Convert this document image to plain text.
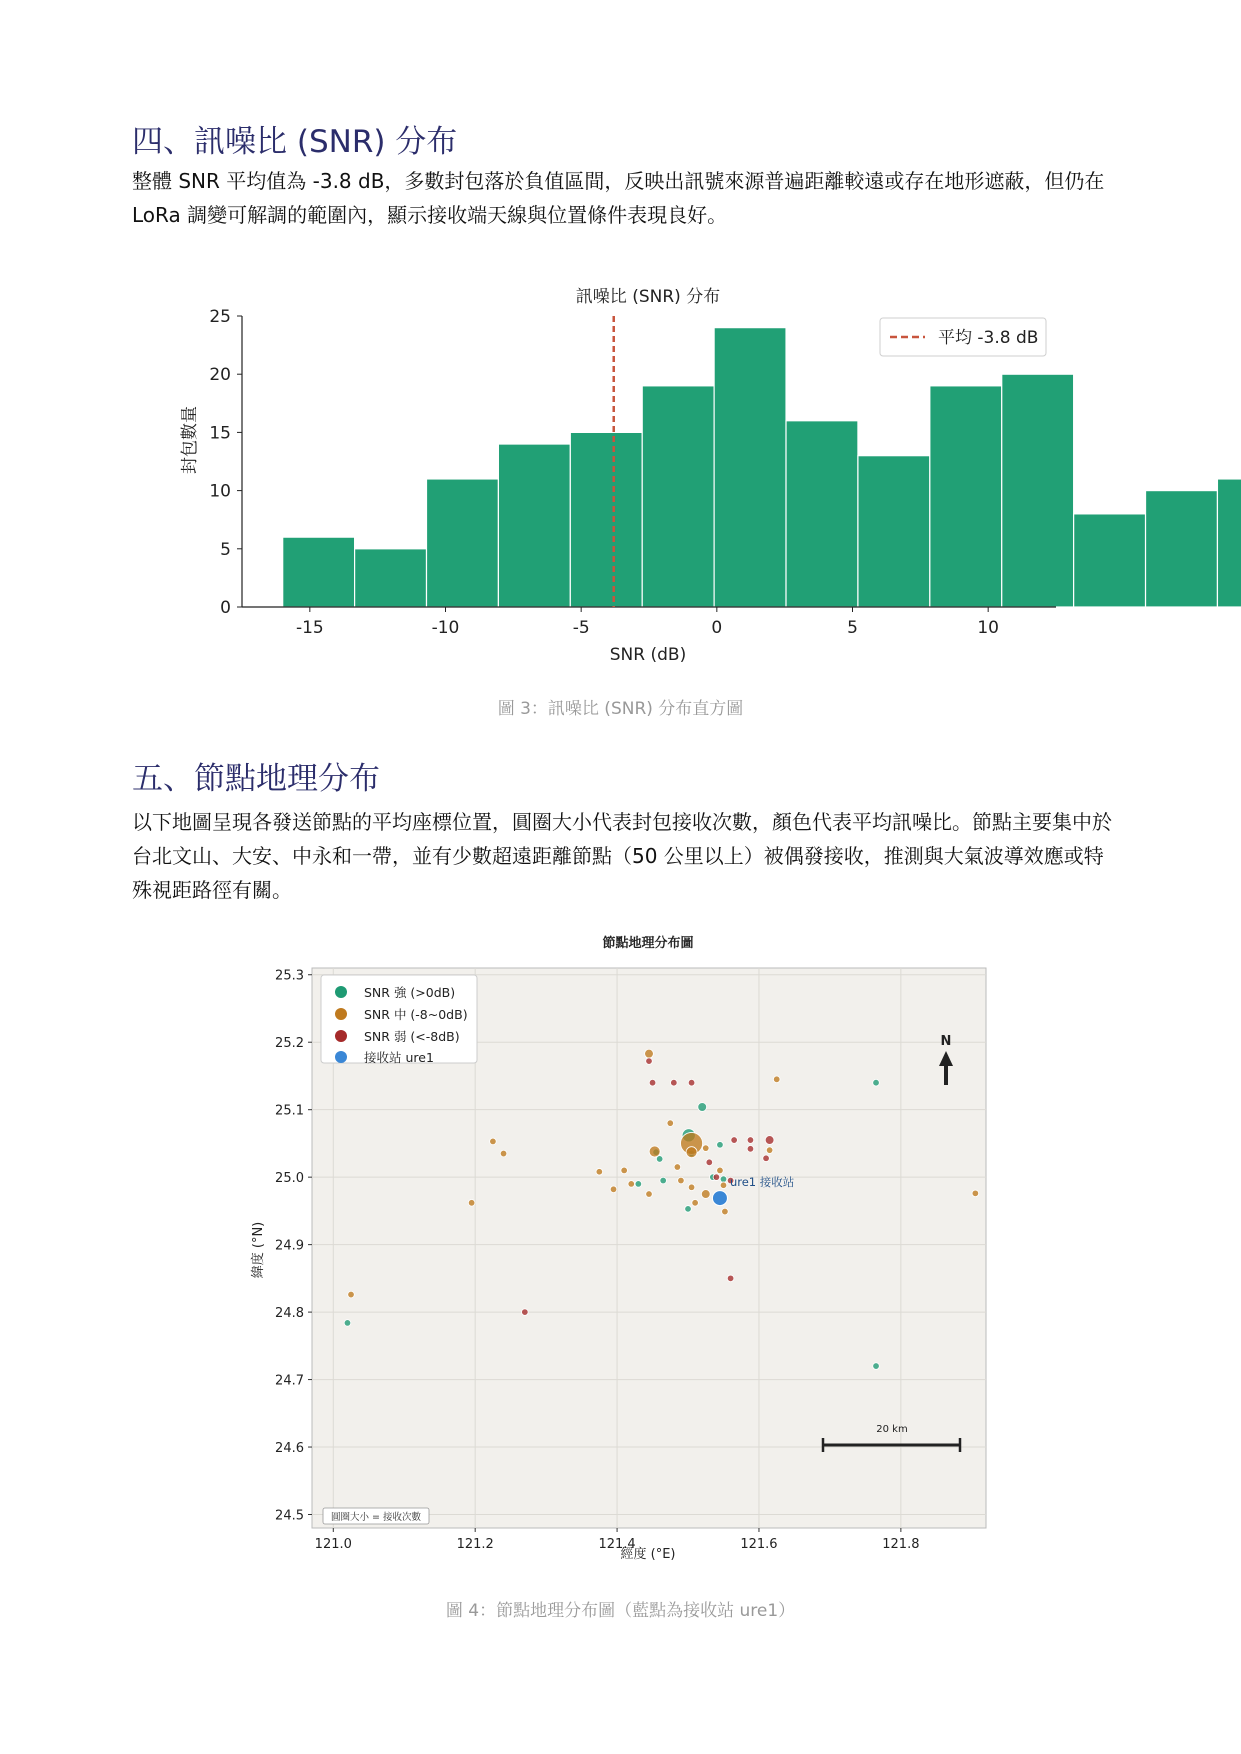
四、訊噪比 (SNR) 分布

整體 SNR 平均值為 -3.8 dB，多數封包落於負值區間，反映出訊號來源普遍距離較遠或存在地形遮蔽，但仍在 LoRa 調變可解調的範圍內，顯示接收端天線與位置條件表現良好。

訊噪比 (SNR) 分布
-15	-10	-5	0	5	10
0
5
10
15
20
25
封包數量
SNR (dB)
平均 -3.8 dB

圖 3：訊噪比 (SNR) 分布直方圖

五、節點地理分布

以下地圖呈現各發送節點的平均座標位置，圓圈大小代表封包接收次數，顏色代表平均訊噪比。節點主要集中於台北文山、大安、中永和一帶，並有少數超遠距離節點（50 公里以上）被偶發接收，推測與大氣波導效應或特殊視距路徑有關。

節點地理分布圖
ure1 接收站
121.0	121.2	121.4	121.6	121.8
24.5
24.6
24.7
24.8
24.9
25.0
25.1
25.2
25.3
經度 (°E)
緯度 (°N)
SNR 強 (>0dB)
SNR 中 (-8~0dB)
SNR 弱 (<-8dB)
接收站 ure1
N
20 km
圓圈大小 = 接收次數

圖 4：節點地理分布圖（藍點為接收站 ure1）
